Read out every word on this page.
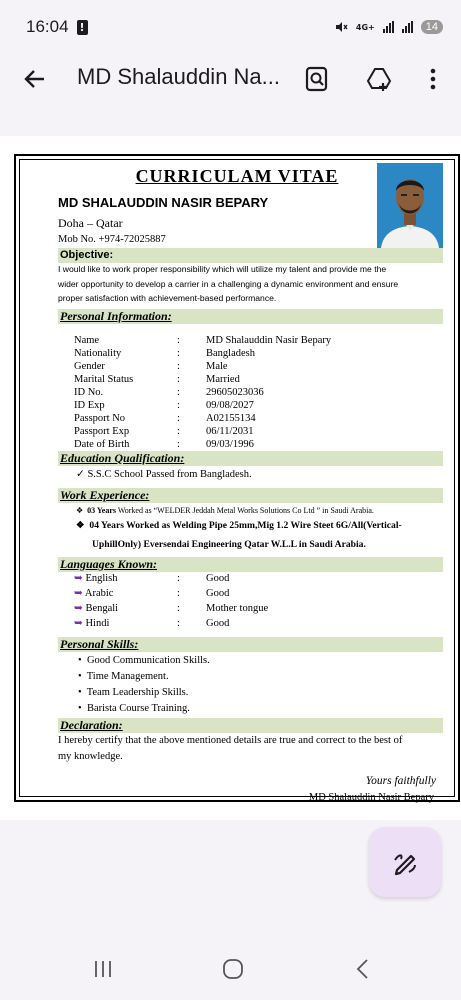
16:04 !	4G+	14
MD Shalauddin Na...
CURRICULAM VITAE
MD SHALAUDDIN NASIR BEPARY
Doha – Qatar
Mob No. +974-72025887
Objective:
I would like to work proper responsibility which will utilize my talent and provide me the
wider opportunity to develop a carrier in a challenging a dynamic environment and ensure
proper satisfaction with achievement-based performance.
Personal Information:
Name	: MD Shalauddin Nasir Bepary
Nationality	: Bangladesh
Gender	: Male
Marital Status	: Married
ID No.	: 29605023036
ID Exp	: 09/08/2027
Passport No	: A02155134
Passport Exp	: 06/11/2031
Date of Birth	: 09/03/1996
Education Qualification:
✓ S.S.C School Passed from Bangladesh.
Work Experience:
❖ 03 Years Worked as “WELDER Jeddah Metal Works Solutions Co Ltd ” in Saudi Arabia.
❖ 04 Years Worked as Welding Pipe 25mm,Mig 1.2 Wire Steet 6G/All(Vertical-
UphillOnly) Eversendai Engineering Qatar W.L.L in Saudi Arabia.
Languages Known:
➥ English	: Good
➥ Arabic	: Good
➥ Bengali	: Mother tongue
➥ Hindi	: Good
Personal Skills:
•  Good Communication Skills.
•  Time Management.
•  Team Leadership Skills.
•  Barista Course Training.
Declaration:
I hereby certify that the above mentioned details are true and correct to the best of
my knowledge.
Yours faithfully
MD Shalauddin Nasir Bepary
